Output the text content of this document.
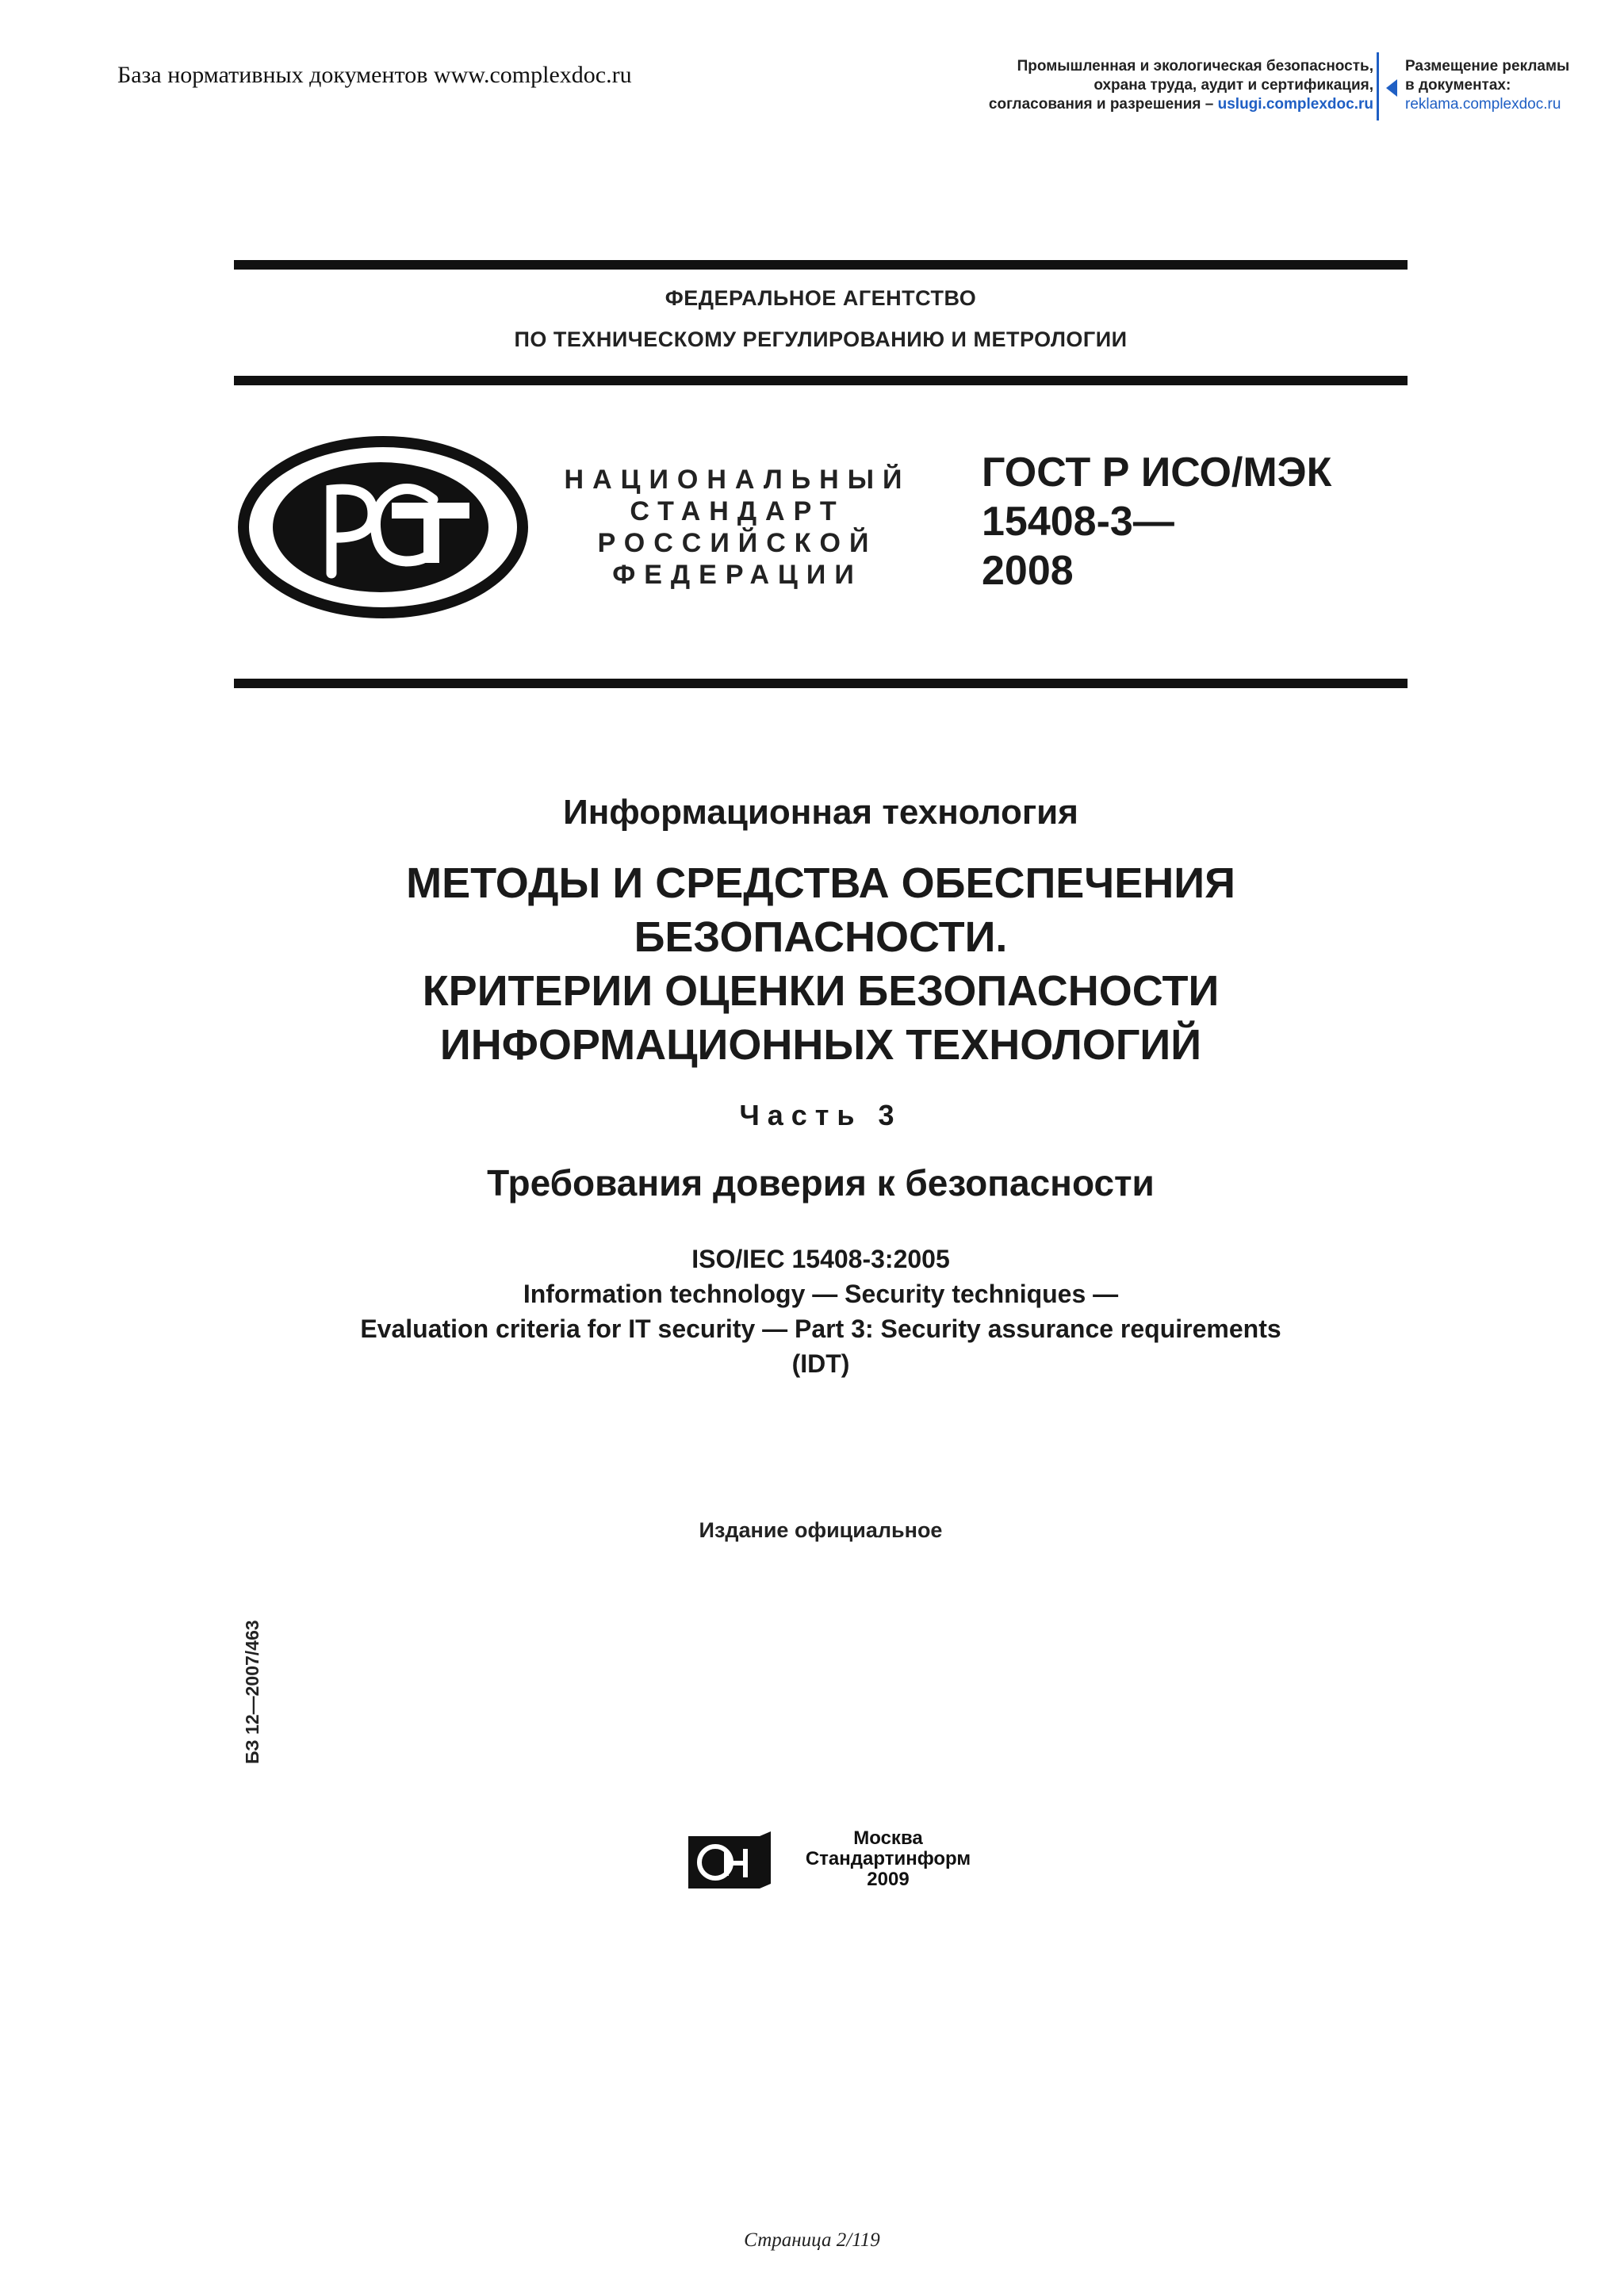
База нормативных документов www.complexdoc.ru	Промышленная и экологическая безопасность,
охрана труда, аудит и сертификация,
согласования и разрешения – uslugi.complexdoc.ru
Размещение рекламы
в документах:
reklama.complexdoc.ru
ФЕДЕРАЛЬНОЕ АГЕНТСТВО
ПО ТЕХНИЧЕСКОМУ РЕГУЛИРОВАНИЮ И МЕТРОЛОГИИ
НАЦИОНАЛЬНЫЙ
СТАНДАРТ
РОССИЙСКОЙ
ФЕДЕРАЦИИ
ГОСТ Р ИСО/МЭК
15408-3—
2008
Информационная технология
МЕТОДЫ И СРЕДСТВА ОБЕСПЕЧЕНИЯ
БЕЗОПАСНОСТИ.
КРИТЕРИИ ОЦЕНКИ БЕЗОПАСНОСТИ
ИНФОРМАЦИОННЫХ ТЕХНОЛОГИЙ
Часть 3
Требования доверия к безопасности
ISO/IEC 15408-3:2005
Information technology — Security techniques —
Evaluation criteria for IT security — Part 3: Security assurance requirements
(IDT)
Издание официальное
БЗ 12—2007/463
Москва
Стандартинформ
2009
Страница 2/119
